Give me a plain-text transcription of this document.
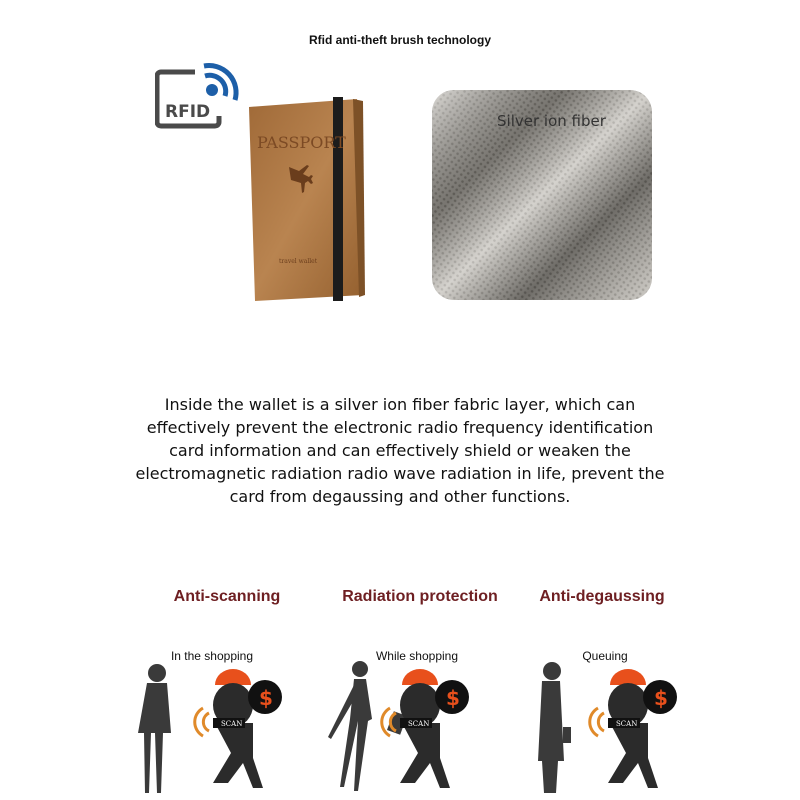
Rfid anti-theft brush technology
RFID
PASSPORT
travel wallet
Silver ion fiber
Inside the wallet is a silver ion fiber fabric layer, which can
effectively prevent the electronic radio frequency identification
card information and can effectively shield or weaken the
electromagnetic radiation radio wave radiation in life, prevent the
card from degaussing and other functions.
Anti-scanning	Radiation protection	Anti-degaussing
In the shopping	While shopping	Queuing
$
SCAN
$
SCAN
$
SCAN
